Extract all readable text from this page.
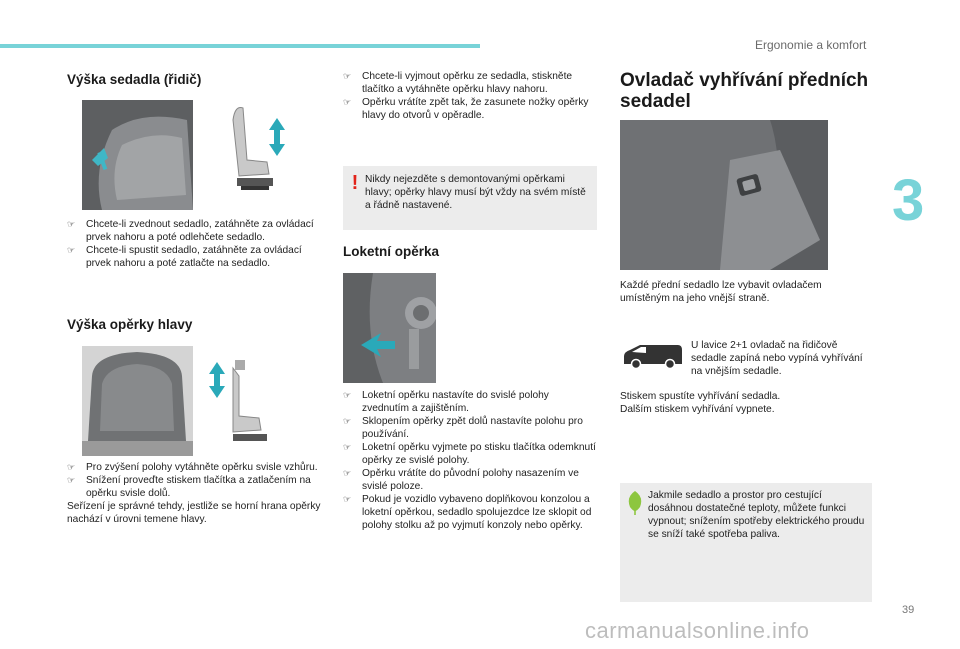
Ergonomie a komfort
3
39
carmanualsonline.info
Výška sedadla (řidič)
☞ Chcete-li zvednout sedadlo, zatáhněte za ovládací prvek nahoru a poté odlehčete sedadlo.
☞ Chcete-li spustit sedadlo, zatáhněte za ovládací prvek nahoru a poté zatlačte na sedadlo.
Výška opěrky hlavy
☞ Pro zvýšení polohy vytáhněte opěrku svisle vzhůru.
☞ Snížení proveďte stiskem tlačítka a zatlačením na opěrku svisle dolů.

Seřízení je správné tehdy, jestliže se horní hrana opěrky nachází v úrovni temene hlavy.

☞ Chcete-li vyjmout opěrku ze sedadla, stiskněte tlačítko a vytáhněte opěrku hlavy nahoru.
☞ Opěrku vrátíte zpět tak, že zasunete nožky opěrky hlavy do otvorů v opěradle.
! Nikdy nejezděte s demontovanými opěrkami hlavy; opěrky hlavy musí být vždy na svém místě a řádně nastavené.
Loketní opěrka
☞ Loketní opěrku nastavíte do svislé polohy zvednutím a zajištěním.
☞ Sklopením opěrky zpět dolů nastavíte polohu pro používání.
☞ Loketní opěrku vyjmete po stisku tlačítka odemknutí opěrky ze svislé polohy.
☞ Opěrku vrátíte do původní polohy nasazením ve svislé poloze.
☞ Pokud je vozidlo vybaveno doplňkovou konzolou a loketní opěrkou, sedadlo spolujezdce lze sklopit od polohy stolku až po vyjmutí konzoly nebo opěrky.
Ovladač vyhřívání předních sedadel
Každé přední sedadlo lze vybavit ovladačem umístěným na jeho vnější straně.
U lavice 2+1 ovladač na řidičově sedadle zapíná nebo vypíná vyhřívání na vnějším sedadle.

Stiskem spustíte vyhřívání sedadla.

Dalším stiskem vyhřívání vypnete.

Jakmile sedadlo a prostor pro cestující dosáhnou dostatečné teploty, můžete funkci vypnout; snížením spotřeby elektrického proudu se sníží také spotřeba paliva.
